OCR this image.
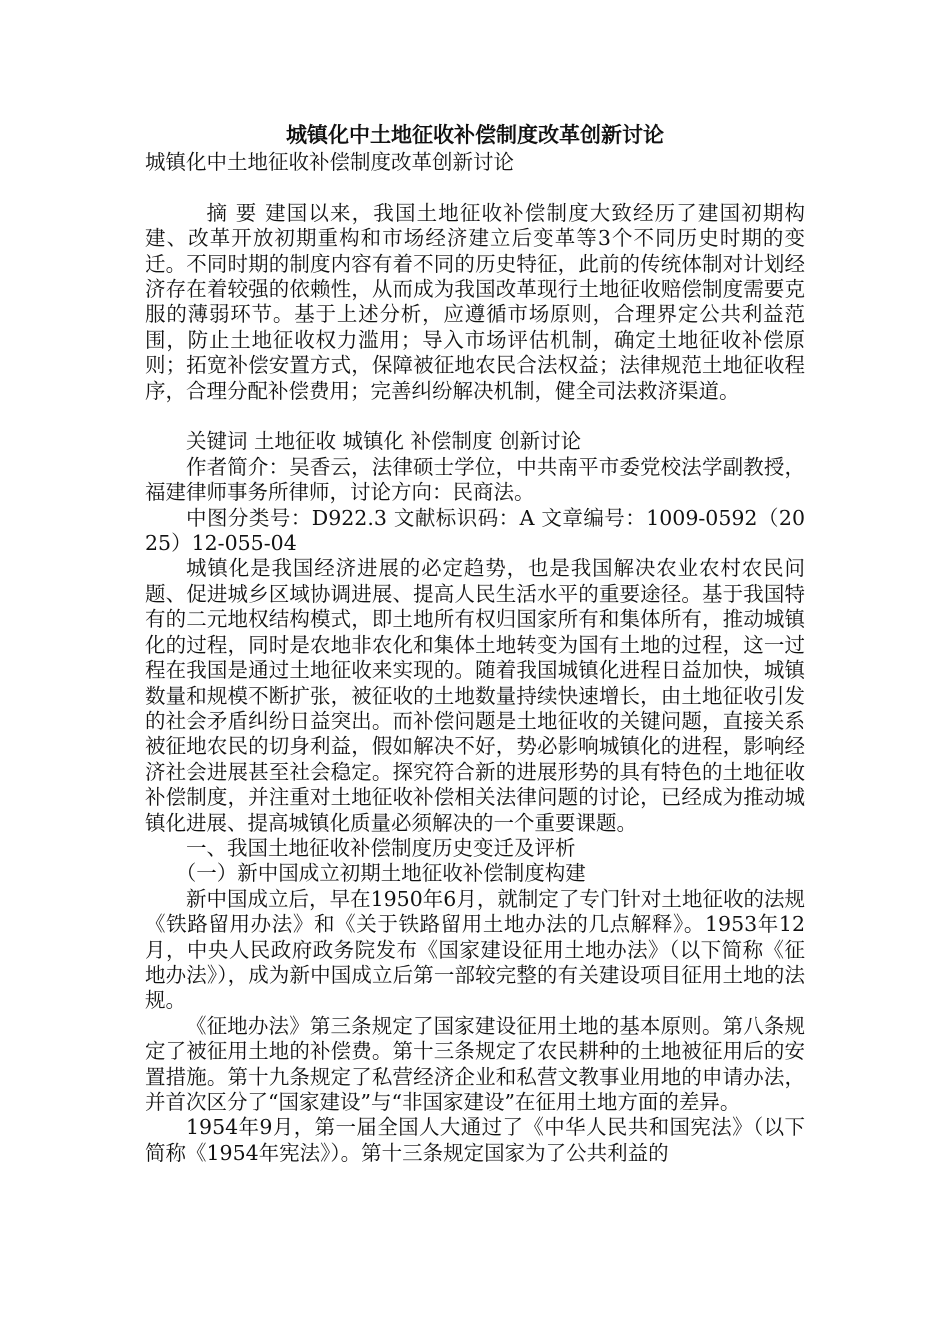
城镇化中土地征收补偿制度改革创新讨论

城镇化中土地征收补偿制度改革创新讨论

摘 要 建国以来，我国土地征收补偿制度大致经历了建国初期构建、改革开放初期重构和市场经济建立后变革等3个不同历史时期的变迁。不同时期的制度内容有着不同的历史特征，此前的传统体制对计划经济存在着较强的依赖性，从而成为我国改革现行土地征收赔偿制度需要克服的薄弱环节。基于上述分析，应遵循市场原则，合理界定公共利益范围，防止土地征收权力滥用；导入市场评估机制，确定土地征收补偿原则；拓宽补偿安置方式，保障被征地农民合法权益；法律规范土地征收程序，合理分配补偿费用；完善纠纷解决机制，健全司法救济渠道。

关键词 土地征收 城镇化 补偿制度 创新讨论

作者简介：吴香云，法律硕士学位，中共南平市委党校法学副教授，福建律师事务所律师，讨论方向：民商法。

中图分类号：D922.3 文献标识码：A 文章编号：1009-0592（2025）12-055-04

城镇化是我国经济进展的必定趋势，也是我国解决农业农村农民问题、促进城乡区域协调进展、提高人民生活水平的重要途径。基于我国特有的二元地权结构模式，即土地所有权归国家所有和集体所有，推动城镇化的过程，同时是农地非农化和集体土地转变为国有土地的过程，这一过程在我国是通过土地征收来实现的。随着我国城镇化进程日益加快，城镇数量和规模不断扩张，被征收的土地数量持续快速增长，由土地征收引发的社会矛盾纠纷日益突出。而补偿问题是土地征收的关键问题，直接关系被征地农民的切身利益，假如解决不好，势必影响城镇化的进程，影响经济社会进展甚至社会稳定。探究符合新的进展形势的具有特色的土地征收补偿制度，并注重对土地征收补偿相关法律问题的讨论，已经成为推动城镇化进展、提高城镇化质量必须解决的一个重要课题。

一、我国土地征收补偿制度历史变迁及评析

（一）新中国成立初期土地征收补偿制度构建

新中国成立后，早在1950年6月，就制定了专门针对土地征收的法规《铁路留用办法》和《关于铁路留用土地办法的几点解释》。1953年12月，中央人民政府政务院发布《国家建设征用土地办法》（以下简称《征地办法》），成为新中国成立后第一部较完整的有关建设项目征用土地的法规。

《征地办法》第三条规定了国家建设征用土地的基本原则。第八条规定了被征用土地的补偿费。第十三条规定了农民耕种的土地被征用后的安置措施。第十九条规定了私营经济企业和私营文教事业用地的申请办法，并首次区分了“国家建设”与“非国家建设”在征用土地方面的差异。

1954年9月，第一届全国人大通过了《中华人民共和国宪法》（以下简称《1954年宪法》）。第十三条规定国家为了公共利益的
